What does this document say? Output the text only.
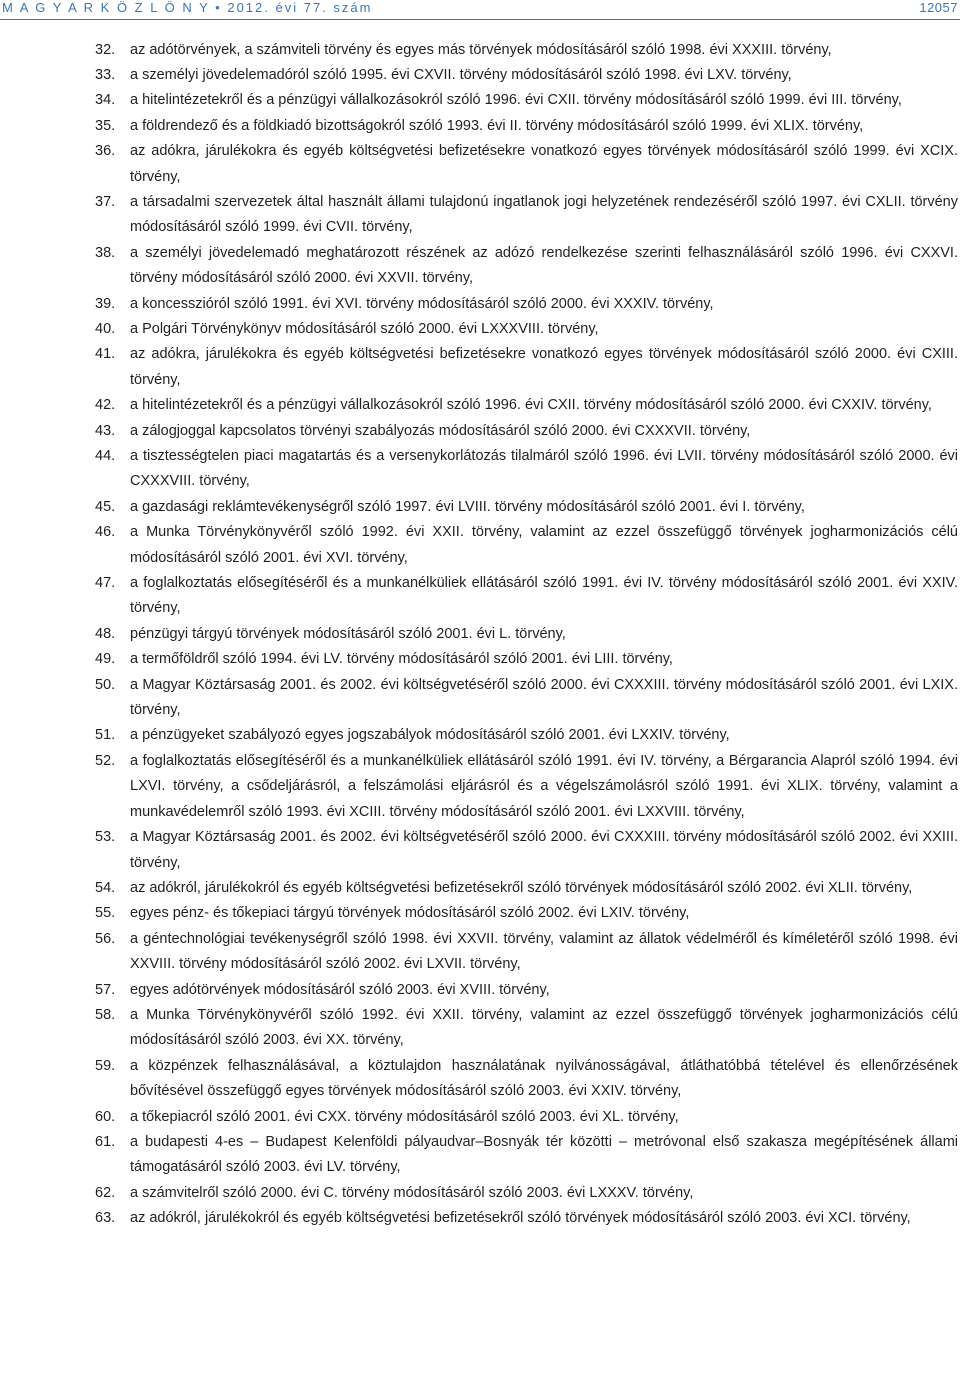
M A G Y A R K Ö Z L Ö N Y • 2012. évi 77. szám	12057
32.	az adótörvények, a számviteli törvény és egyes más törvények módosításáról szóló 1998. évi XXXIII. törvény,
33.	a személyi jövedelemadóról szóló 1995. évi CXVII. törvény módosításáról szóló 1998. évi LXV. törvény,
34.	a hitelintézetekről és a pénzügyi vállalkozásokról szóló 1996. évi CXII. törvény módosításáról szóló 1999. évi III. törvény,
35.	a földrendező és a földkiadó bizottságokról szóló 1993. évi II. törvény módosításáról szóló 1999. évi XLIX. törvény,
36.	az adókra, járulékokra és egyéb költségvetési befizetésekre vonatkozó egyes törvények módosításáról szóló 1999. évi XCIX. törvény,
37.	a társadalmi szervezetek által használt állami tulajdonú ingatlanok jogi helyzetének rendezéséről szóló 1997. évi CXLII. törvény módosításáról szóló 1999. évi CVII. törvény,
38.	a személyi jövedelemadó meghatározott részének az adózó rendelkezése szerinti felhasználásáról szóló 1996. évi CXXVI. törvény módosításáról szóló 2000. évi XXVII. törvény,
39.	a koncesszióról szóló 1991. évi XVI. törvény módosításáról szóló 2000. évi XXXIV. törvény,
40.	a Polgári Törvénykönyv módosításáról szóló 2000. évi LXXXVIII. törvény,
41.	az adókra, járulékokra és egyéb költségvetési befizetésekre vonatkozó egyes törvények módosításáról szóló 2000. évi CXIII. törvény,
42.	a hitelintézetekről és a pénzügyi vállalkozásokról szóló 1996. évi CXII. törvény módosításáról szóló 2000. évi CXXIV. törvény,
43.	a zálogjoggal kapcsolatos törvényi szabályozás módosításáról szóló 2000. évi CXXXVII. törvény,
44.	a tisztességtelen piaci magatartás és a versenykorlátozás tilalmáról szóló 1996. évi LVII. törvény módosításáról szóló 2000. évi CXXXVIII. törvény,
45.	a gazdasági reklámtevékenységről szóló 1997. évi LVIII. törvény módosításáról szóló 2001. évi I. törvény,
46.	a Munka Törvénykönyvéről szóló 1992. évi XXII. törvény, valamint az ezzel összefüggő törvények jogharmonizációs célú módosításáról szóló 2001. évi XVI. törvény,
47.	a foglalkoztatás elősegítéséről és a munkanélküliek ellátásáról szóló 1991. évi IV. törvény módosításáról szóló 2001. évi XXIV. törvény,
48.	pénzügyi tárgyú törvények módosításáról szóló 2001. évi L. törvény,
49.	a termőföldről szóló 1994. évi LV. törvény módosításáról szóló 2001. évi LIII. törvény,
50.	a Magyar Köztársaság 2001. és 2002. évi költségvetéséről szóló 2000. évi CXXXIII. törvény módosításáról szóló 2001. évi LXIX. törvény,
51.	a pénzügyeket szabályozó egyes jogszabályok módosításáról szóló 2001. évi LXXIV. törvény,
52.	a foglalkoztatás elősegítéséről és a munkanélküliek ellátásáról szóló 1991. évi IV. törvény, a Bérgarancia Alapról szóló 1994. évi LXVI. törvény, a csődeljárásról, a felszámolási eljárásról és a végelszámolásról szóló 1991. évi XLIX. törvény, valamint a munkavédelemről szóló 1993. évi XCIII. törvény módosításáról szóló 2001. évi LXXVIII. törvény,
53.	a Magyar Köztársaság 2001. és 2002. évi költségvetéséről szóló 2000. évi CXXXIII. törvény módosításáról szóló 2002. évi XXIII. törvény,
54.	az adókról, járulékokról és egyéb költségvetési befizetésekről szóló törvények módosításáról szóló 2002. évi XLII. törvény,
55.	egyes pénz- és tőkepiaci tárgyú törvények módosításáról szóló 2002. évi LXIV. törvény,
56.	a géntechnológiai tevékenységről szóló 1998. évi XXVII. törvény, valamint az állatok védelméről és kíméletéről szóló 1998. évi XXVIII. törvény módosításáról szóló 2002. évi LXVII. törvény,
57.	egyes adótörvények módosításáról szóló 2003. évi XVIII. törvény,
58.	a Munka Törvénykönyvéről szóló 1992. évi XXII. törvény, valamint az ezzel összefüggő törvények jogharmonizációs célú módosításáról szóló 2003. évi XX. törvény,
59.	a közpénzek felhasználásával, a köztulajdon használatának nyilvánosságával, átláthatóbbá tételével és ellenőrzésének bővítésével összefüggő egyes törvények módosításáról szóló 2003. évi XXIV. törvény,
60.	a tőkepiacról szóló 2001. évi CXX. törvény módosításáról szóló 2003. évi XL. törvény,
61.	a budapesti 4-es – Budapest Kelenföldi pályaudvar–Bosnyák tér közötti – metróvonal első szakasza megépítésének állami támogatásáról szóló 2003. évi LV. törvény,
62.	a számvitelről szóló 2000. évi C. törvény módosításáról szóló 2003. évi LXXXV. törvény,
63.	az adókról, járulékokról és egyéb költségvetési befizetésekről szóló törvények módosításáról szóló 2003. évi XCI. törvény,
